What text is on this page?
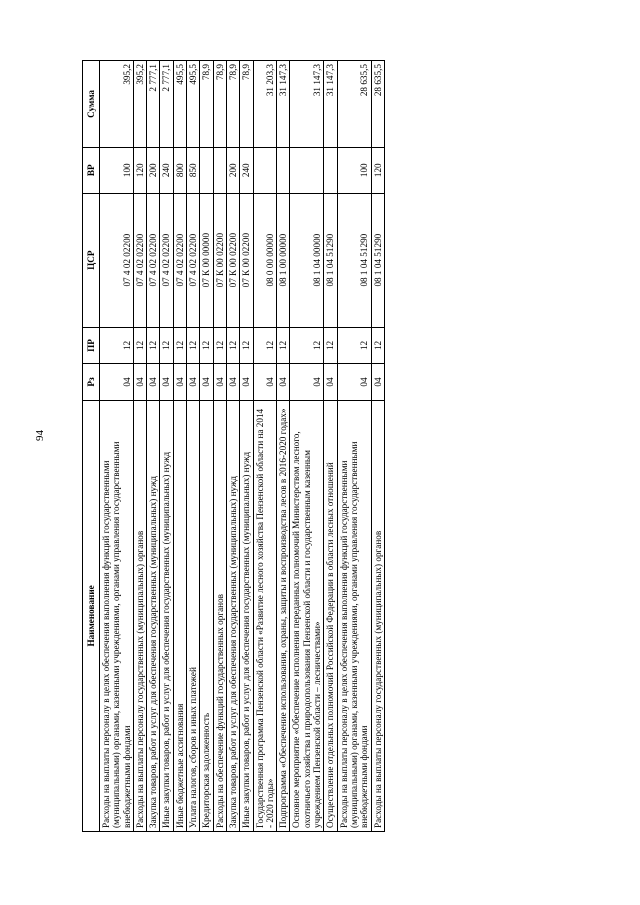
94
Наименование	Рз	ПР	ЦСР	ВР	Сумма
Расходы на выплаты персоналу в целях обеспечения выполнения функций государственными (муниципальными) органами, казенными учреждениями, органами управления государственными внебюджетными фондами	04	12	07 4 02 02200	100	395,2
Расходы на выплаты персоналу государственных (муниципальных) органов	04	12	07 4 02 02200	120	395,2
Закупка товаров, работ и услуг для обеспечения государственных (муниципальных) нужд	04	12	07 4 02 02200	200	2 777,1
Иные закупки товаров, работ и услуг для обеспечения государственных (муниципальных) нужд	04	12	07 4 02 02200	240	2 777,1
Иные бюджетные ассигнования	04	12	07 4 02 02200	800	495,5
Уплата налогов, сборов и иных платежей	04	12	07 4 02 02200	850	495,5
Кредиторская задолженность	04	12	07 К 00 00000		78,9
Расходы на обеспечение функций государственных органов	04	12	07 К 00 02200		78,9
Закупка товаров, работ и услуг для обеспечения государственных (муниципальных) нужд	04	12	07 К 00 02200	200	78,9
Иные закупки товаров, работ и услуг для обеспечения государственных (муниципальных) нужд	04	12	07 К 00 02200	240	78,9
Государственная программа Пензенской области «Развитие лесного хозяйства Пензенской области на 2014 - 2020 годы»	04	12	08 0 00 00000		31 203,3
Подпрограмма «Обеспечение использования, охраны, защиты и воспроизводства лесов в 2016-2020 годах»	04	12	08 1 00 00000		31 147,3
Основное мероприятие «Обеспечение исполнения переданных полномочий Министерством лесного, охотничьего хозяйства и природопользования Пензенской области и государственным казенным учреждением Пензенской области – лесничествами»	04	12	08 1 04 00000		31 147,3
Осуществление отдельных полномочий Российской Федерации в области лесных отношений	04	12	08 1 04 51290		31 147,3
Расходы на выплаты персоналу в целях обеспечения выполнения функций государственными (муниципальными) органами, казенными учреждениями, органами управления государственными внебюджетными фондами	04	12	08 1 04 51290	100	28 635,5
Расходы на выплаты персоналу государственных (муниципальных) органов	04	12	08 1 04 51290	120	28 635,5
